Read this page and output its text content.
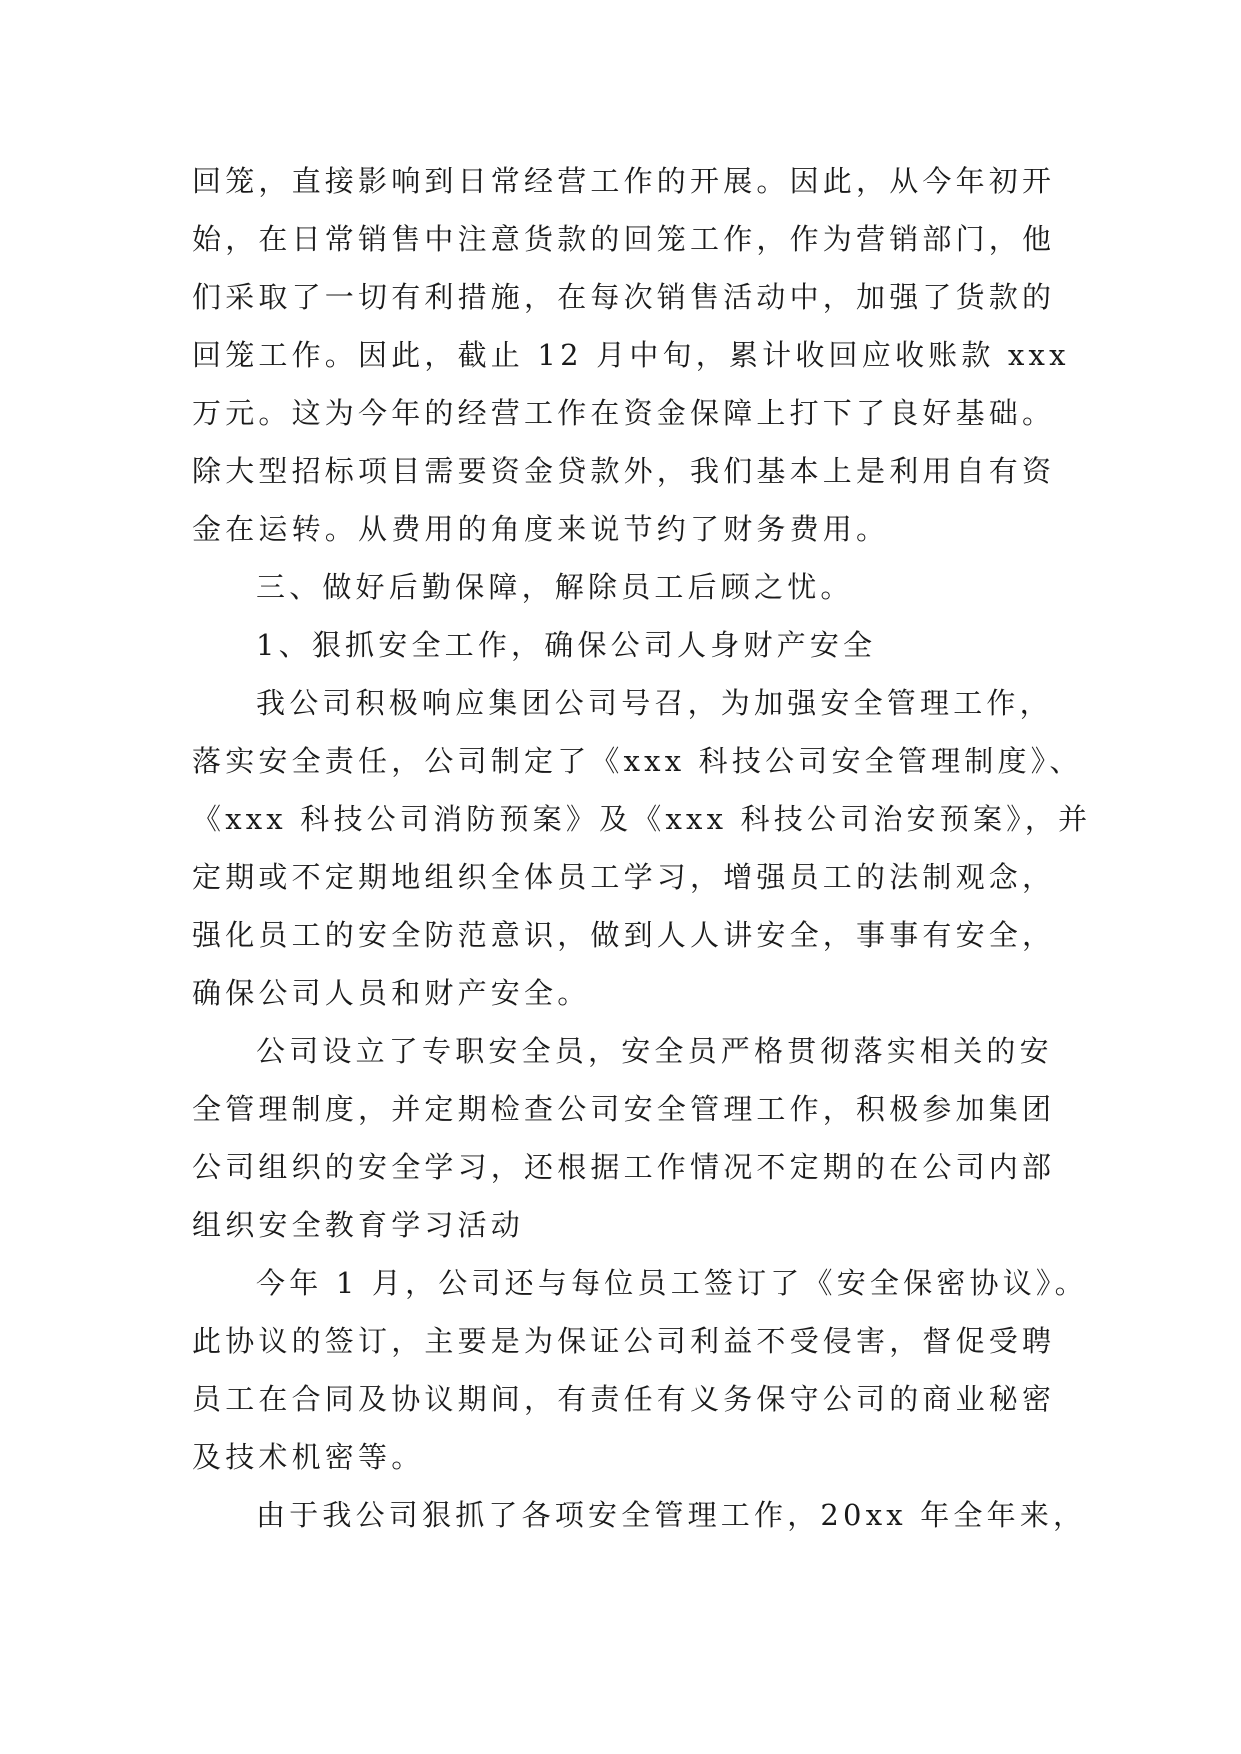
回笼，直接影响到日常经营工作的开展。因此，从今年初开
始，在日常销售中注意货款的回笼工作，作为营销部门，他
们采取了一切有利措施，在每次销售活动中，加强了货款的
回笼工作。因此，截止 12 月中旬，累计收回应收账款 xxx
万元。这为今年的经营工作在资金保障上打下了良好基础。
除大型招标项目需要资金贷款外，我们基本上是利用自有资
金在运转。从费用的角度来说节约了财务费用。
三、做好后勤保障，解除员工后顾之忧。
1、狠抓安全工作，确保公司人身财产安全
我公司积极响应集团公司号召，为加强安全管理工作，
落实安全责任，公司制定了《xxx 科技公司安全管理制度》、
《xxx 科技公司消防预案》及《xxx 科技公司治安预案》，并
定期或不定期地组织全体员工学习，增强员工的法制观念，
强化员工的安全防范意识，做到人人讲安全，事事有安全，
确保公司人员和财产安全。
公司设立了专职安全员，安全员严格贯彻落实相关的安
全管理制度，并定期检查公司安全管理工作，积极参加集团
公司组织的安全学习，还根据工作情况不定期的在公司内部
组织安全教育学习活动
今年 1 月，公司还与每位员工签订了《安全保密协议》。
此协议的签订，主要是为保证公司利益不受侵害，督促受聘
员工在合同及协议期间，有责任有义务保守公司的商业秘密
及技术机密等。
由于我公司狠抓了各项安全管理工作，20xx 年全年来，
